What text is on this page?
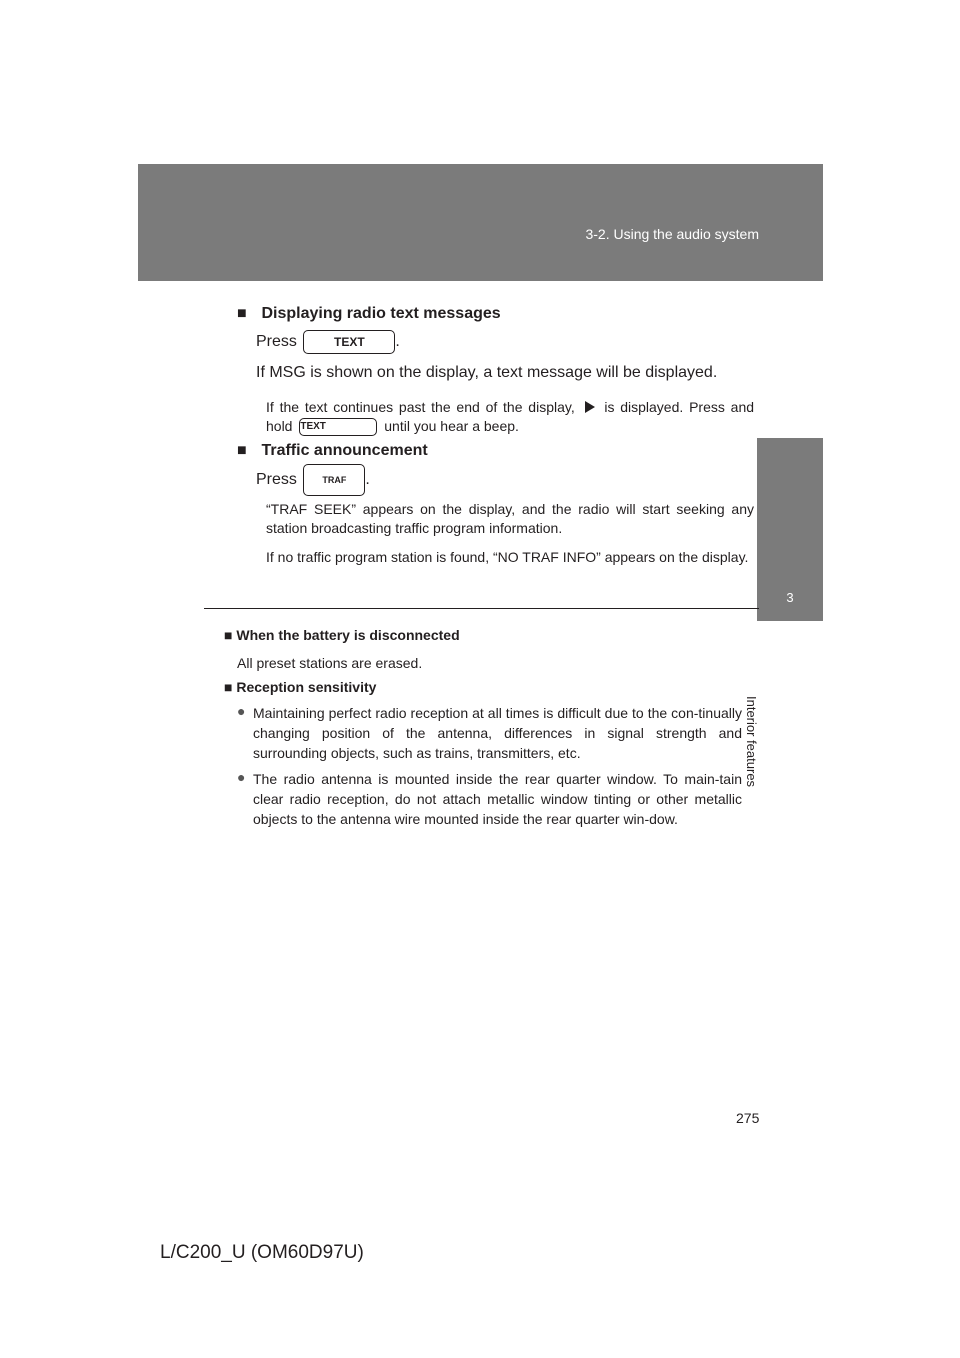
3-2. Using the audio system
3
Interior features
■ Displaying radio text messages
Press	TEXT .
If MSG is shown on the display, a text message will be displayed.
If the text continues past the end of the display, is displayed. Press and hold TEXT	until you hear a beep.
■ Traffic announcement
Press	TRAF .
“TRAF SEEK” appears on the display, and the radio will start seeking any station broadcasting traffic program information.
If no traffic program station is found, “NO TRAF INFO” appears on the display.
■ When the battery is disconnected
All preset stations are erased.
■ Reception sensitivity
● Maintaining perfect radio reception at all times is difficult due to the con-tinually changing position of the antenna, differences in signal strength and surrounding objects, such as trains, transmitters, etc.
● The radio antenna is mounted inside the rear quarter window. To main-tain clear radio reception, do not attach metallic window tinting or other metallic objects to the antenna wire mounted inside the rear quarter win-dow.
275
L/C200_U (OM60D97U)
